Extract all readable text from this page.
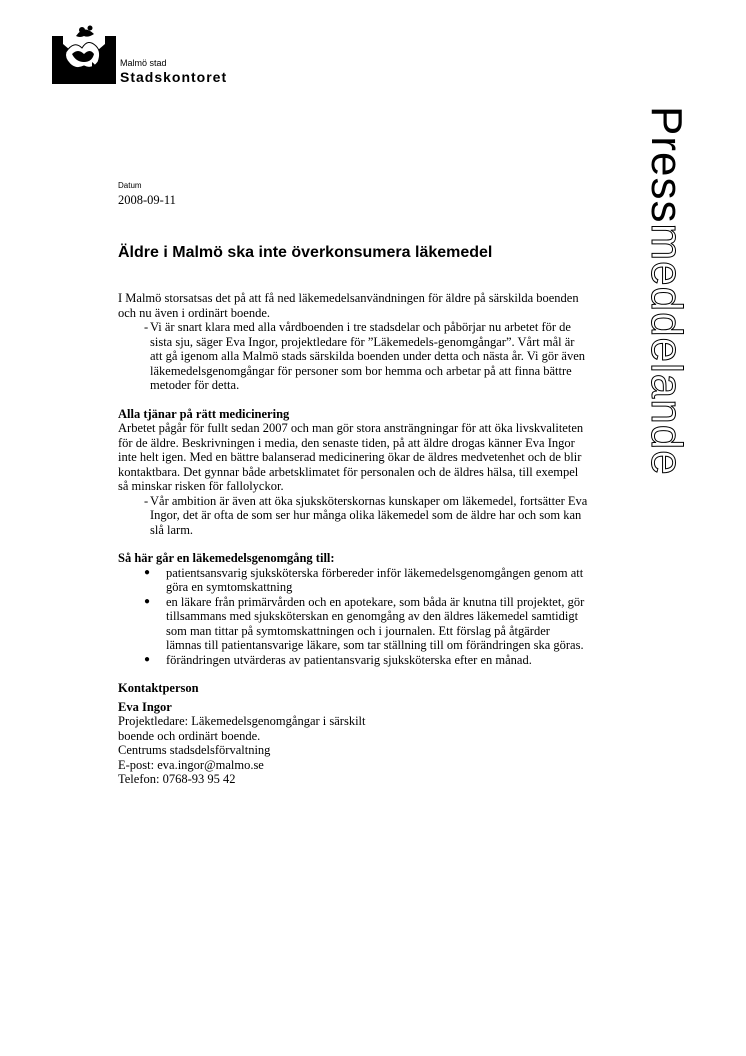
Malmö stad
Stadskontoret
Pressmeddelande
Datum
2008-09-11
Äldre i Malmö ska inte överkonsumera läkemedel

I Malmö storsatsas det på att få ned läkemedelsanvändningen för äldre på särskilda boenden och nu även i ordinärt boende.

- Vi är snart klara med alla vårdboenden i tre stadsdelar och påbörjar nu arbetet för de sista sju, säger Eva Ingor, projektledare för ”Läkemedels-genomgångar”. Vårt mål är att gå igenom alla Malmö stads särskilda boenden under detta och nästa år. Vi gör även läkemedelsgenomgångar för personer som bor hemma och arbetar på att finna bättre metoder för detta.

Alla tjänar på rätt medicinering

Arbetet pågår för fullt sedan 2007 och man gör stora ansträngningar för att öka livskvaliteten för de äldre. Beskrivningen i media, den senaste tiden, på att äldre drogas känner Eva Ingor inte helt igen. Med en bättre balanserad medicinering ökar de äldres medvetenhet och de blir kontaktbara. Det gynnar både arbetsklimatet för personalen och de äldres hälsa, till exempel så minskar risken för fallolyckor.

- Vår ambition är även att öka sjuksköterskornas kunskaper om läkemedel, fortsätter Eva Ingor, det är ofta de som ser hur många olika läkemedel som de äldre har och som kan slå larm.

Så här går en läkemedelsgenomgång till:

● patientsansvarig sjuksköterska förbereder inför läkemedelsgenomgången genom att göra en symtomskattning
● en läkare från primärvården och en apotekare, som båda är knutna till projektet, gör tillsammans med sjuksköterskan en genomgång av den äldres läkemedel samtidigt som man tittar på symtomskattningen och i journalen. Ett förslag på åtgärder lämnas till patientansvarige läkare, som tar ställning till om förändringen ska göras.
● förändringen utvärderas av patientansvarig sjuksköterska efter en månad.

Kontaktperson

Eva Ingor

Projektledare: Läkemedelsgenomgångar i särskilt

boende och ordinärt boende.

Centrums stadsdelsförvaltning

E-post: eva.ingor@malmo.se

Telefon: 0768-93 95 42
